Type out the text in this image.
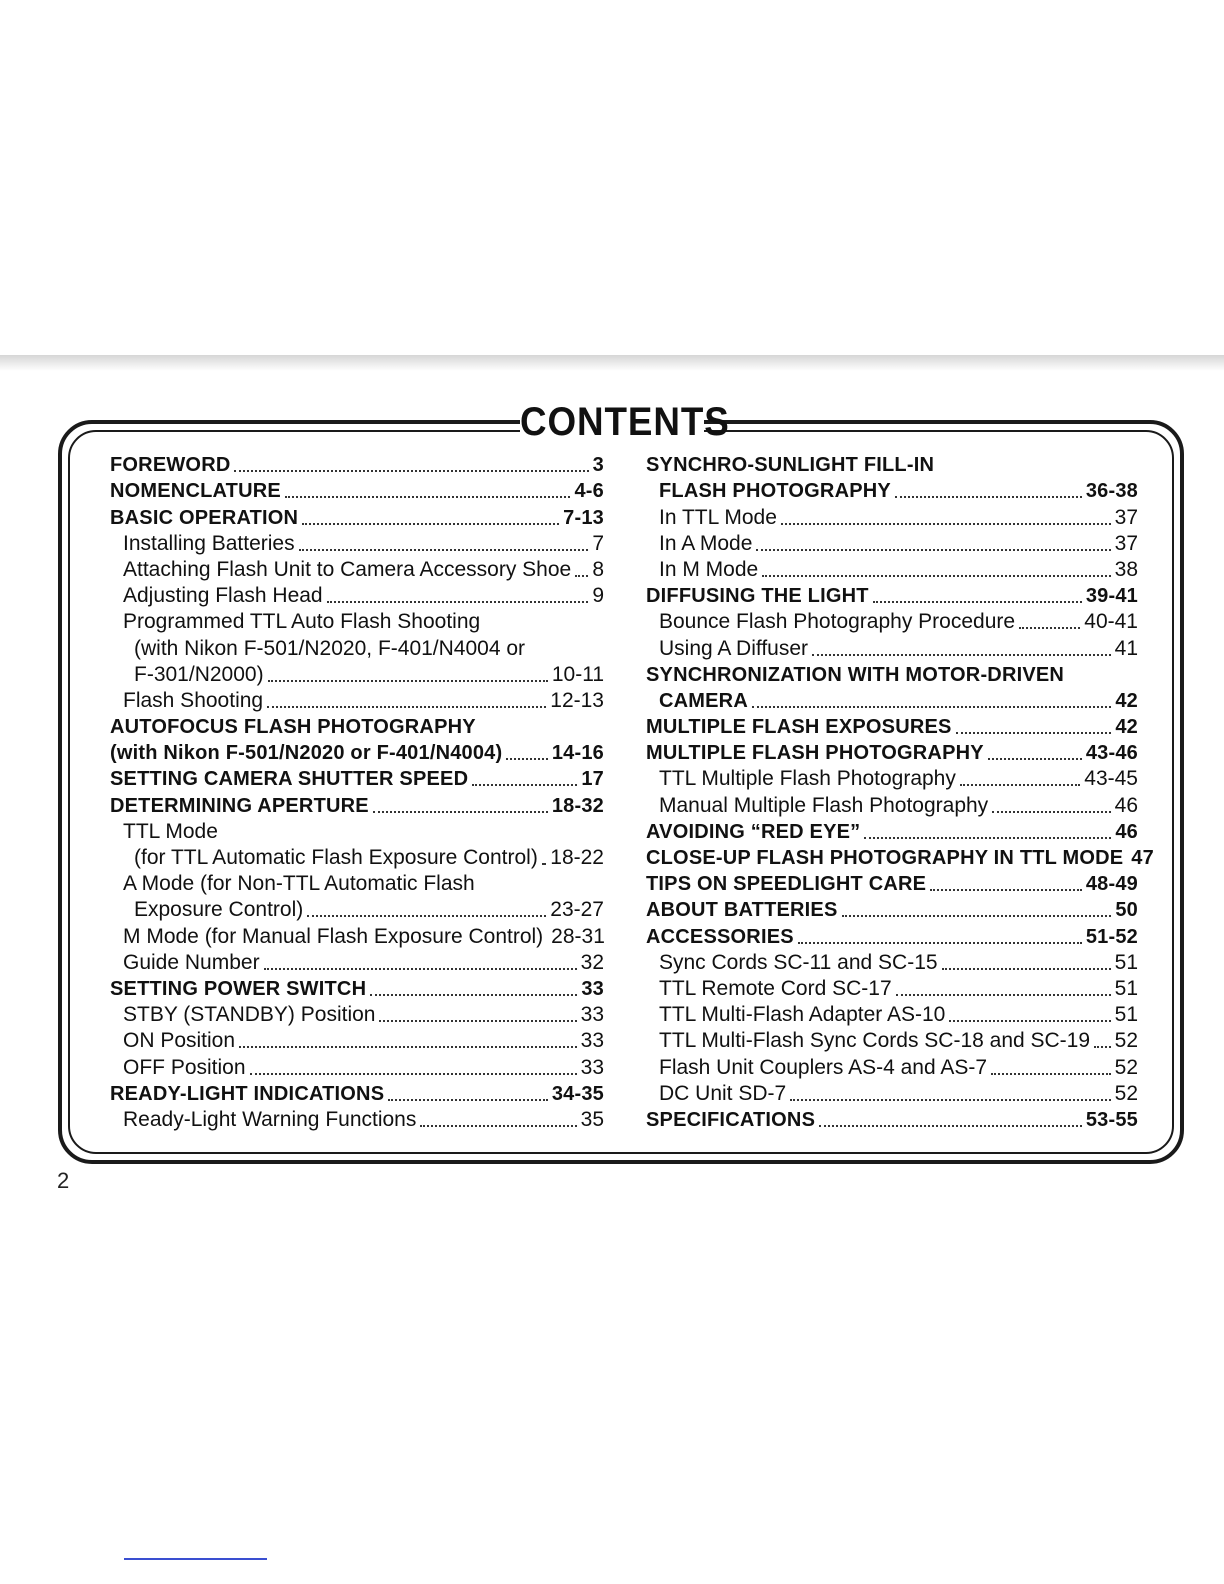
CONTENTS
FOREWORD	3
NOMENCLATURE	4-6
BASIC OPERATION	7-13
Installing Batteries	7
Attaching Flash Unit to Camera Accessory Shoe 8
Adjusting Flash Head	9
Programmed TTL Auto Flash Shooting
(with Nikon F-501/N2020, F-401/N4004 or
F-301/N2000)	10-11
Flash Shooting	12-13
AUTOFOCUS FLASH PHOTOGRAPHY
(with Nikon F-501/N2020 or F-401/N4004) 14-16
SETTING CAMERA SHUTTER SPEED	17
DETERMINING APERTURE	18-32
TTL Mode
(for TTL Automatic Flash Exposure Control) 18-22
A Mode (for Non-TTL Automatic Flash
Exposure Control)	23-27
M Mode (for Manual Flash Exposure Control) 28-31
Guide Number	32
SETTING POWER SWITCH	33
STBY (STANDBY) Position	33
ON Position	33
OFF Position	33
READY-LIGHT INDICATIONS	34-35
Ready-Light Warning Functions	35
SYNCHRO-SUNLIGHT FILL-IN
FLASH PHOTOGRAPHY	36-38
In TTL Mode	37
In A Mode	37
In M Mode	38
DIFFUSING THE LIGHT	39-41
Bounce Flash Photography Procedure	40-41
Using A Diffuser	41
SYNCHRONIZATION WITH MOTOR-DRIVEN
CAMERA	42
MULTIPLE FLASH EXPOSURES	42
MULTIPLE FLASH PHOTOGRAPHY	43-46
TTL Multiple Flash Photography	43-45
Manual Multiple Flash Photography	46
AVOIDING “RED EYE”	46
CLOSE-UP FLASH PHOTOGRAPHY IN TTL MODE 47
TIPS ON SPEEDLIGHT CARE	48-49
ABOUT BATTERIES	50
ACCESSORIES	51-52
Sync Cords SC-11 and SC-15	51
TTL Remote Cord SC-17	51
TTL Multi-Flash Adapter AS-10	51
TTL Multi-Flash Sync Cords SC-18 and SC-19 52
Flash Unit Couplers AS-4 and AS-7	52
DC Unit SD-7	52
SPECIFICATIONS	53-55
2
